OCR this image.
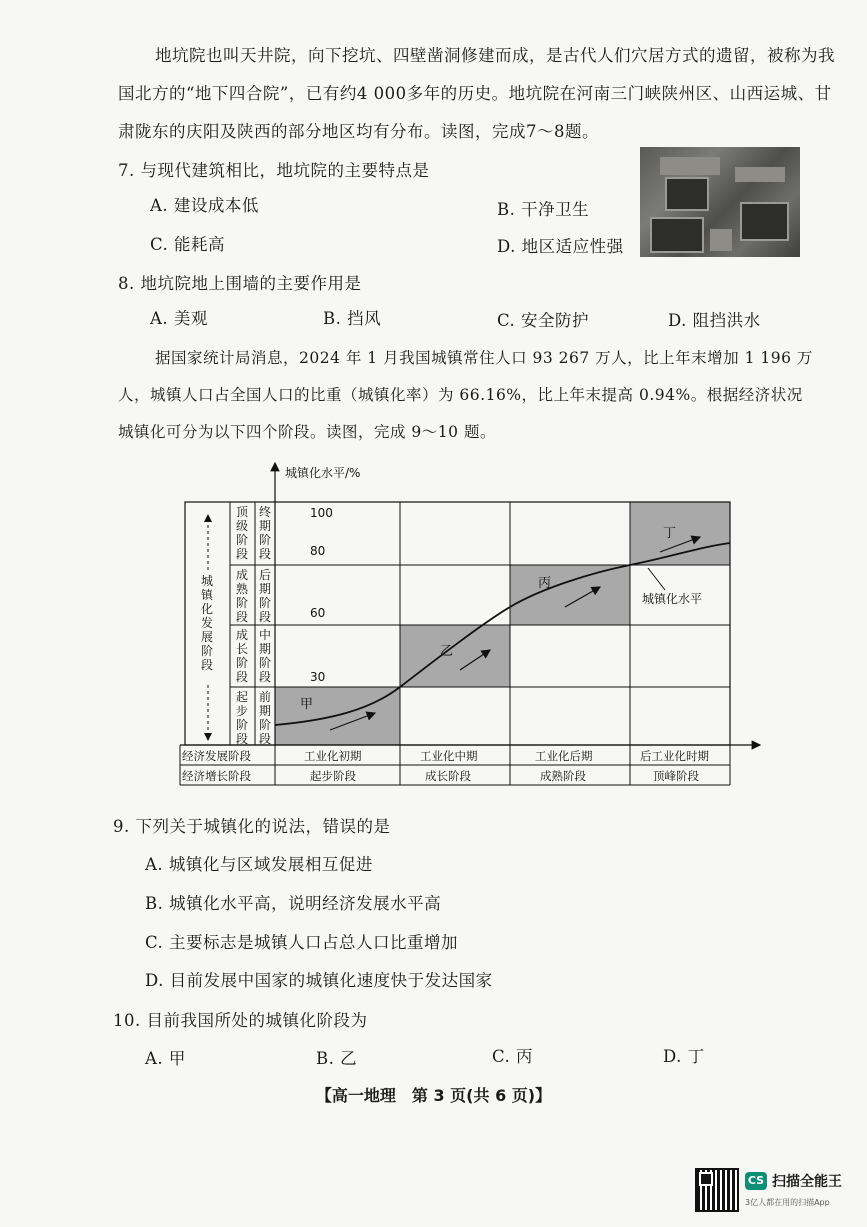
地坑院也叫天井院，向下挖坑、四壁凿洞修建而成，是古代人们穴居方式的遗留，被称为我
国北方的“地下四合院”，已有约4 000多年的历史。地坑院在河南三门峡陕州区、山西运城、甘
肃陇东的庆阳及陕西的部分地区均有分布。读图，完成7～8题。
7. 与现代建筑相比，地坑院的主要特点是
A. 建设成本低	B. 干净卫生
C. 能耗高	D. 地区适应性强
8. 地坑院地上围墙的主要作用是
A. 美观	B. 挡风	C. 安全防护	D. 阻挡洪水
据国家统计局消息，2024 年 1 月我国城镇常住人口 93 267 万人，比上年末增加 1 196 万
人，城镇人口占全国人口的比重（城镇化率）为 66.16%，比上年末提高 0.94%。根据经济状况
城镇化可分为以下四个阶段。读图，完成 9～10 题。
城镇化水平/%
100
80
60
30
城
镇
化
发
展
阶
段
顶
级
阶
段
终
期
阶
段
成
熟
阶
段
后
期
阶
段
成
长
阶
段
中
期
阶
段
起
步
阶
段
前
期
阶
段
甲
乙
丙
丁
城镇化水平
经济发展阶段
经济增长阶段
工业化初期	工业化中期	工业化后期	后工业化时期
起步阶段	成长阶段	成熟阶段	顶峰阶段
9. 下列关于城镇化的说法，错误的是
A. 城镇化与区域发展相互促进
B. 城镇化水平高，说明经济发展水平高
C. 主要标志是城镇人口占总人口比重增加
D. 目前发展中国家的城镇化速度快于发达国家
10. 目前我国所处的城镇化阶段为
A. 甲	B. 乙	C. 丙	D. 丁
【高一地理　第 3 页(共 6 页)】
CS 扫描全能王
3亿人都在用的扫描App
